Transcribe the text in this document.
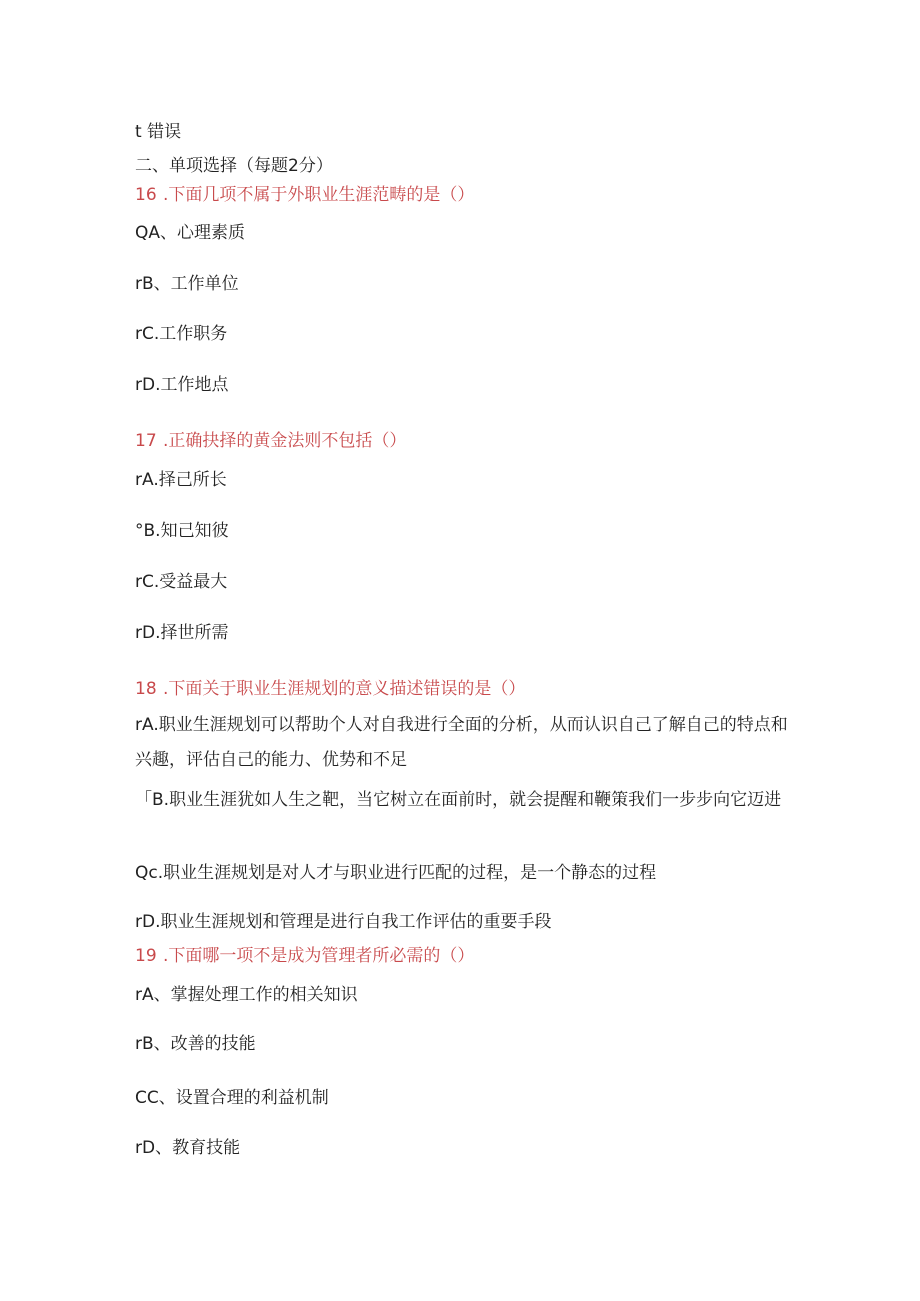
t 错误
二、单项选择（每题2分）
16 .下面几项不属于外职业生涯范畴的是（）
QA、心理素质
rB、工作单位
rC.工作职务
rD.工作地点
17 .正确抉择的黄金法则不包括（）
rA.择己所长
°B.知己知彼
rC.受益最大
rD.择世所需
18 .下面关于职业生涯规划的意义描述错误的是（）
rA.职业生涯规划可以帮助个人对自我进行全面的分析，从而认识自己了解自己的特点和兴趣，评估自己的能力、优势和不足
「B.职业生涯犹如人生之靶，当它树立在面前时，就会提醒和鞭策我们一步步向它迈进
Qc.职业生涯规划是对人才与职业进行匹配的过程，是一个静态的过程
rD.职业生涯规划和管理是进行自我工作评估的重要手段
19 .下面哪一项不是成为管理者所必需的（）
rA、掌握处理工作的相关知识
rB、改善的技能
CC、设置合理的利益机制
rD、教育技能
